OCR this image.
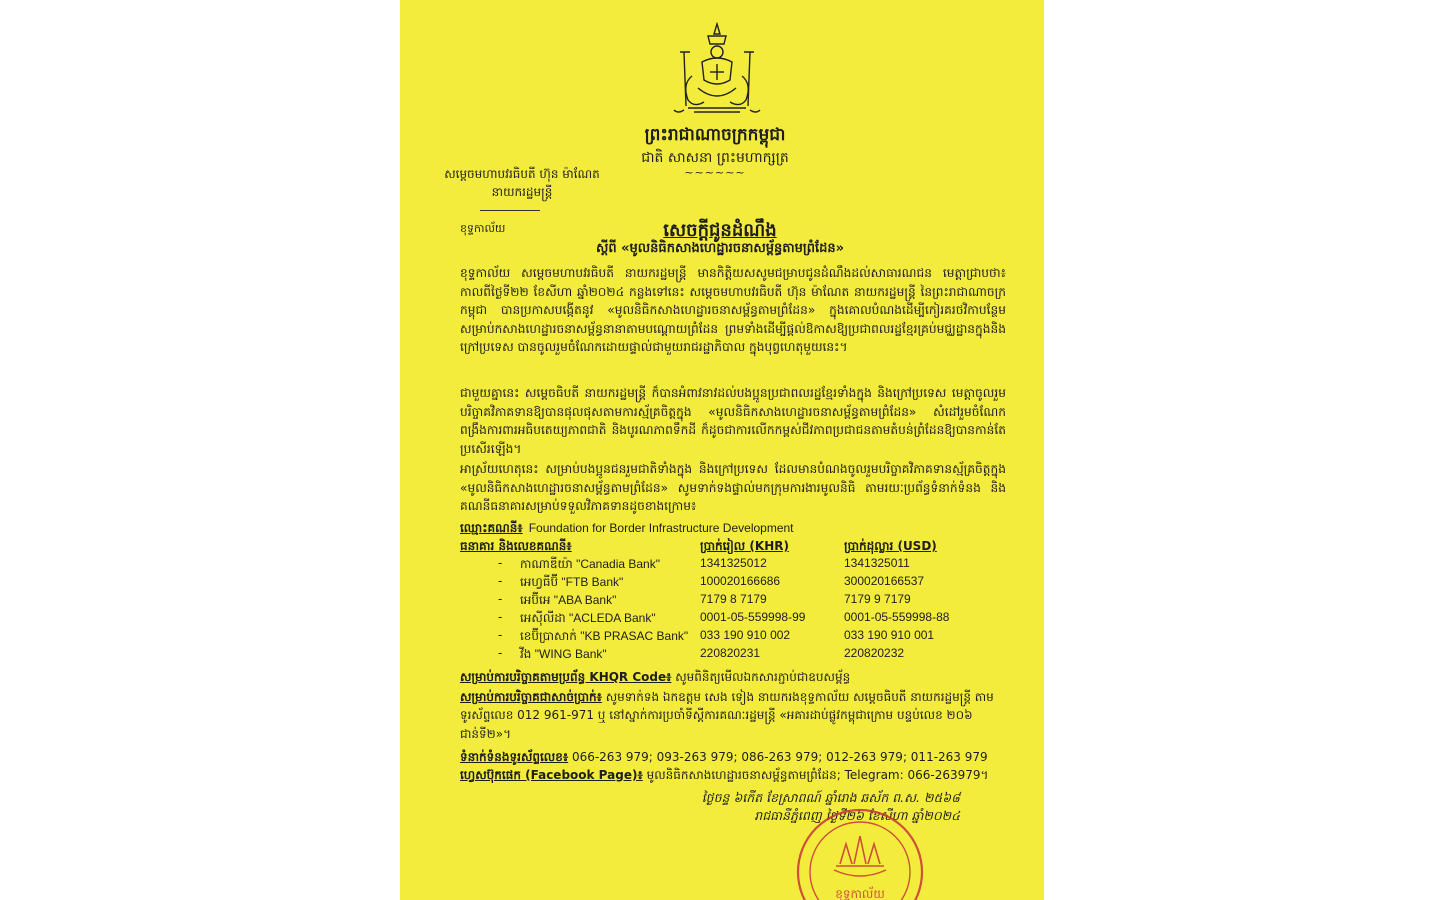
ព្រះរាជាណាចក្រកម្ពុជា
ជាតិ សាសនា ព្រះមហាក្សត្រ
~~~~~~
សម្ដេចមហាបវរធិបតី ហ៊ុន ម៉ាណែត
នាយករដ្ឋមន្ត្រី
ខុទ្ទកាល័យ	សេចក្ដីជូនដំណឹង
ស្ដីពី «មូលនិធិកសាងហេដ្ឋារចនាសម្ព័ន្ធតាមព្រំដែន»
ខុទ្ទកាល័យ សម្ដេចមហាបវរធិបតី នាយករដ្ឋមន្ត្រី មានកិត្តិយសសូមជម្រាបជូនដំណឹងដល់សាធារណជន មេត្តាជ្រាបថា៖ កាលពីថ្ងៃទី២២ ខែសីហា ឆ្នាំ២០២៤ កន្លងទៅនេះ សម្ដេចមហាបវរធិបតី ហ៊ុន ម៉ាណែត នាយករដ្ឋមន្ត្រី នៃព្រះរាជាណាចក្រកម្ពុជា បានប្រកាសបង្កើតនូវ «មូលនិធិកសាងហេដ្ឋារចនាសម្ព័ន្ធតាមព្រំដែន» ក្នុងគោលបំណងដើម្បីកៀរគរថវិកាបន្ថែមសម្រាប់កសាងហេដ្ឋារចនាសម្ព័ន្ធនានាតាមបណ្ដោយព្រំដែន ព្រមទាំងដើម្បីផ្ដល់ឱកាសឱ្យប្រជាពលរដ្ឋខ្មែរគ្រប់មជ្ឈដ្ឋានក្នុងនិងក្រៅប្រទេស បានចូលរួមចំណែកដោយផ្ទាល់ជាមួយរាជរដ្ឋាភិបាល ក្នុងបុព្វហេតុមួយនេះ។
ជាមួយគ្នានេះ សម្ដេចធិបតី នាយករដ្ឋមន្ត្រី ក៏បានអំពាវនាវដល់បងប្អូនប្រជាពលរដ្ឋខ្មែរទាំងក្នុង និងក្រៅប្រទេស មេត្តាចូលរួមបរិច្ចាគវិភាគទានឱ្យបានផុលផុសតាមការស្ម័គ្រចិត្តក្នុង «មូលនិធិកសាងហេដ្ឋារចនាសម្ព័ន្ធតាមព្រំដែន» សំដៅរួមចំណែកពង្រឹងការពារអធិបតេយ្យភាពជាតិ និងបូរណភាពទឹកដី ក៏ដូចជាការលើកកម្ពស់ជីវភាពប្រជាជនតាមតំបន់ព្រំដែនឱ្យបានកាន់តែប្រសើរឡើង។
អាស្រ័យហេតុនេះ សម្រាប់បងប្អូនជនរួមជាតិទាំងក្នុង និងក្រៅប្រទេស ដែលមានបំណងចូលរួមបរិច្ចាគវិភាគទានស្ម័គ្រចិត្តក្នុង «មូលនិធិកសាងហេដ្ឋារចនាសម្ព័ន្ធតាមព្រំដែន» សូមទាក់ទងផ្ទាល់មកក្រុមការងារមូលនិធិ តាមរយៈប្រព័ន្ធទំនាក់ទំនង និងគណនីធនាគារសម្រាប់ទទួលវិភាគទានដូចខាងក្រោម៖
ឈ្មោះគណនី៖ Foundation for Border Infrastructure Development
ធនាគារ និងលេខគណនី៖	ប្រាក់រៀល (KHR)	ប្រាក់ដុល្លារ (USD)
- កាណាឌីយ៉ា "Canadia Bank"	1341325012	1341325011
- អេហ្វធីប៊ី "FTB Bank"	100020166686	300020166537
- អេប៊ីអេ "ABA Bank"	7179 8 7179	7179 9 7179
- អេស៊ីលីដា "ACLEDA Bank"	0001-05-559998-99	0001-05-559998-88
- ខេប៊ីប្រាសាក់ "KB PRASAC Bank" 033 190 910 002	033 190 910 001
- វីង "WING Bank"	220820231	220820232
សម្រាប់ការបរិច្ចាគតាមប្រព័ន្ធ KHQR Code៖ សូមពិនិត្យមើលឯកសារភ្ជាប់ជាឧបសម្ព័ន្ធ
សម្រាប់ការបរិច្ចាគជាសាច់ប្រាក់៖ សូមទាក់ទង ឯកឧត្ដម សេង ទៀង នាយករងខុទ្ទកាល័យ សម្ដេចធិបតី នាយករដ្ឋមន្ត្រី តាមទូរស័ព្ទលេខ 012 961-971 ឬ នៅស្នាក់ការប្រចាំទីស្ដីការគណៈរដ្ឋមន្ត្រី «អគារដាប់ផ្លូវកម្ពុជាក្រោម បន្ទប់លេខ ២០៦ ជាន់ទី២»។
ទំនាក់ទំនងទូរស័ព្ទលេខ៖ 066-263 979; 093-263 979; 086-263 979; 012-263 979; 011-263 979
ហ្វេសប៊ុកផេក (Facebook Page)៖ មូលនិធិកសាងហេដ្ឋារចនាសម្ព័ន្ធតាមព្រំដែន; Telegram: 066-263979។
ថ្ងៃចន្ទ ៦កើត ខែស្រាពណ៍ ឆ្នាំរោង ឆស័ក ព.ស. ២៥៦៨
រាជធានីភ្នំពេញ ថ្ងៃទី២៦ ខែសីហា ឆ្នាំ២០២៤
ខុទ្ទកាល័យ
